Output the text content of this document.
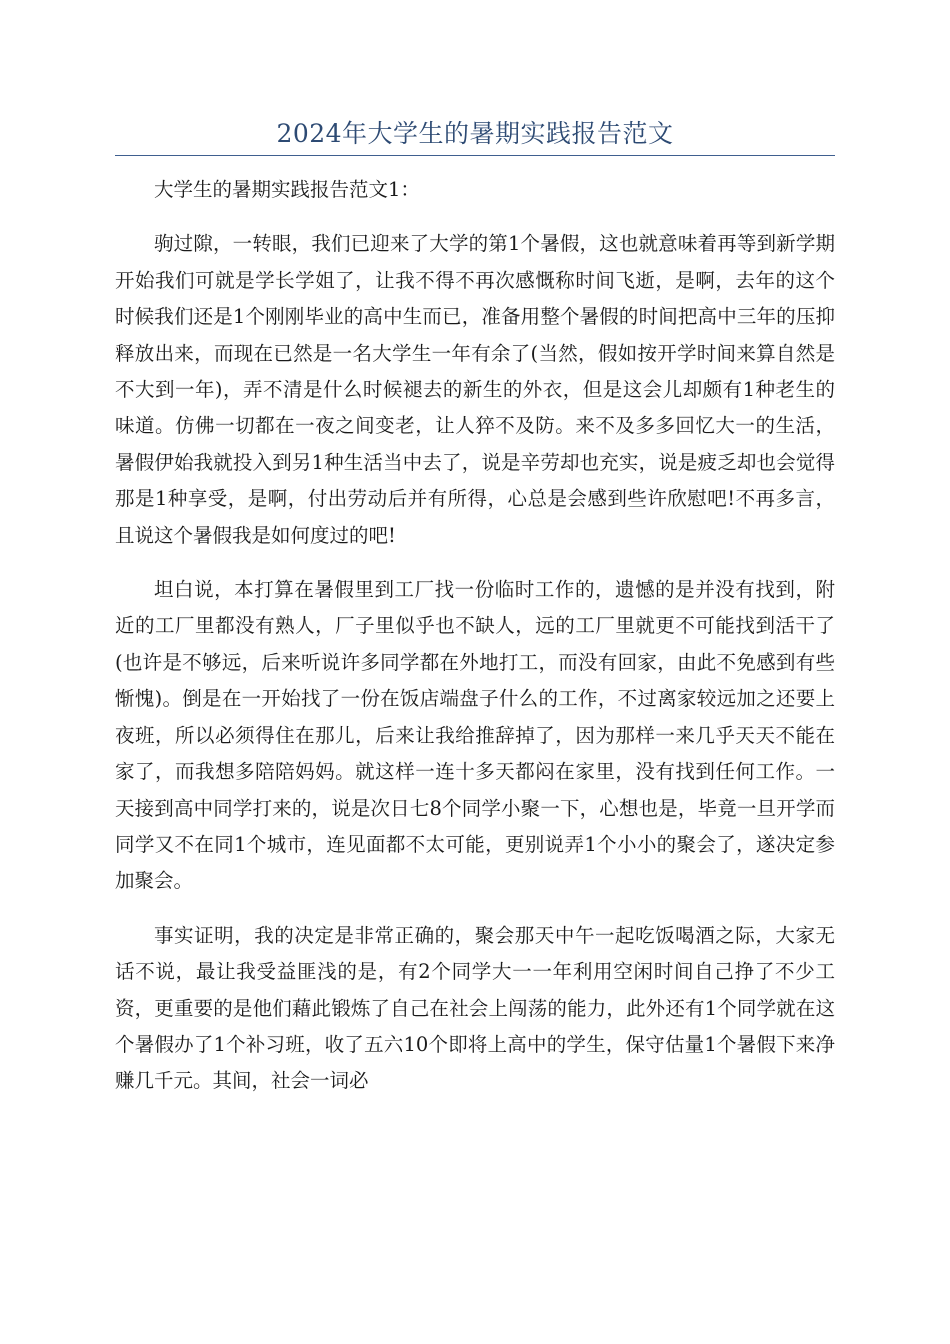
2024年大学生的暑期实践报告范文

大学生的暑期实践报告范文1：

驹过隙，一转眼，我们已迎来了大学的第1个暑假，这也就意味着再等到新学期开始我们可就是学长学姐了，让我不得不再次感慨称时间飞逝，是啊，去年的这个时候我们还是1个刚刚毕业的高中生而已，准备用整个暑假的时间把高中三年的压抑释放出来，而现在已然是一名大学生一年有余了(当然，假如按开学时间来算自然是不大到一年)，弄不清是什么时候褪去的新生的外衣，但是这会儿却颇有1种老生的味道。仿佛一切都在一夜之间变老，让人猝不及防。来不及多多回忆大一的生活，暑假伊始我就投入到另1种生活当中去了，说是辛劳却也充实，说是疲乏却也会觉得那是1种享受，是啊，付出劳动后并有所得，心总是会感到些许欣慰吧!不再多言，且说这个暑假我是如何度过的吧!

坦白说，本打算在暑假里到工厂找一份临时工作的，遗憾的是并没有找到，附近的工厂里都没有熟人，厂子里似乎也不缺人，远的工厂里就更不可能找到活干了(也许是不够远，后来听说许多同学都在外地打工，而没有回家，由此不免感到有些惭愧)。倒是在一开始找了一份在饭店端盘子什么的工作，不过离家较远加之还要上夜班，所以必须得住在那儿，后来让我给推辞掉了，因为那样一来几乎天天不能在家了，而我想多陪陪妈妈。就这样一连十多天都闷在家里，没有找到任何工作。一天接到高中同学打来的，说是次日七8个同学小聚一下，心想也是，毕竟一旦开学而同学又不在同1个城市，连见面都不太可能，更别说弄1个小小的聚会了，遂决定参加聚会。

事实证明，我的决定是非常正确的，聚会那天中午一起吃饭喝酒之际，大家无话不说，最让我受益匪浅的是，有2个同学大一一年利用空闲时间自己挣了不少工资，更重要的是他们藉此锻炼了自己在社会上闯荡的能力，此外还有1个同学就在这个暑假办了1个补习班，收了五六10个即将上高中的学生，保守估量1个暑假下来净赚几千元。其间，社会一词必
